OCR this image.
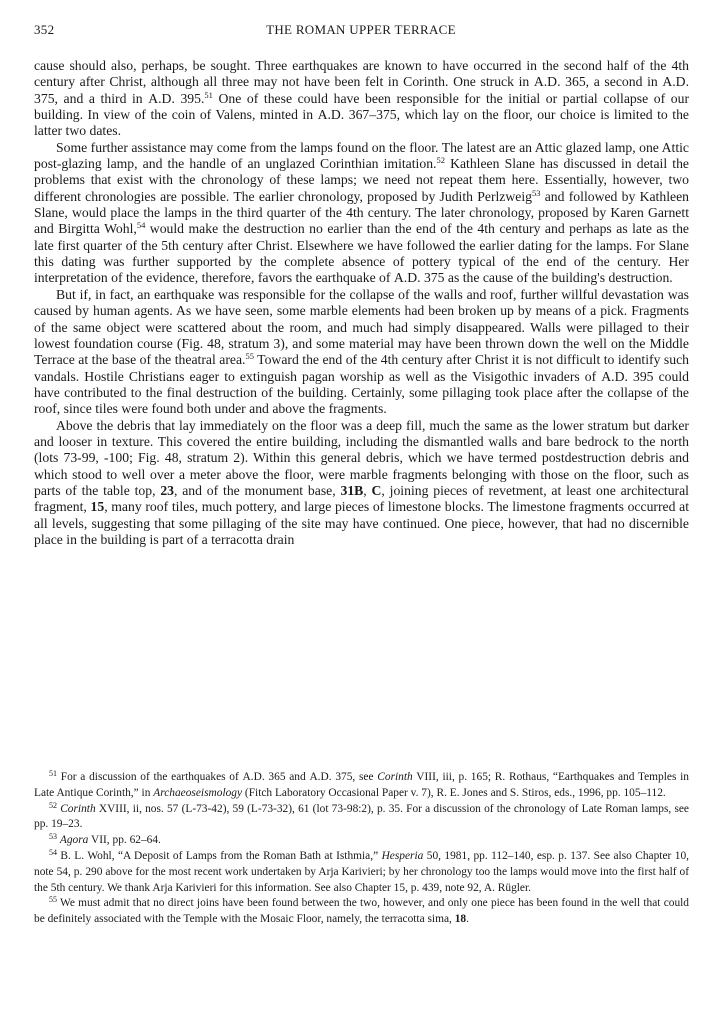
352	THE ROMAN UPPER TERRACE

cause should also, perhaps, be sought. Three earthquakes are known to have occurred in the second half of the 4th century after Christ, although all three may not have been felt in Corinth. One struck in A.D. 365, a second in A.D. 375, and a third in A.D. 395.51 One of these could have been responsible for the initial or partial collapse of our building. In view of the coin of Valens, minted in A.D. 367–375, which lay on the floor, our choice is limited to the latter two dates.

Some further assistance may come from the lamps found on the floor. The latest are an Attic glazed lamp, one Attic post-glazing lamp, and the handle of an unglazed Corinthian imitation.$^{52}$ Kathleen Slane has discussed in detail the problems that exist with the chronology of these lamps; we need not repeat them here. Essentially, however, two different chronologies are possible. The earlier chronology, proposed by Judith Perlzweig$^{53}$ and followed by Kathleen Slane, would place the lamps in the third quarter of the 4th century. The later chronology, proposed by Karen Garnett and Birgitta Wohl,$^{54}$ would make the destruction no earlier than the end of the 4th century and perhaps as late as the late first quarter of the 5th century after Christ. Elsewhere we have followed the earlier dating for the lamps. For Slane this dating was further supported by the complete absence of pottery typical of the end of the century. Her interpretation of the evidence, therefore, favors the earthquake of A.D. 375 as the cause of the building's destruction.

But if, in fact, an earthquake was responsible for the collapse of the walls and roof, further willful devastation was caused by human agents. As we have seen, some marble elements had been broken up by means of a pick. Fragments of the same object were scattered about the room, and much had simply disappeared. Walls were pillaged to their lowest foundation course (Fig. 48, stratum 3), and some material may have been thrown down the well on the Middle Terrace at the base of the theatral area.$^{55}$ Toward the end of the 4th century after Christ it is not difficult to identify such vandals. Hostile Christians eager to extinguish pagan worship as well as the Visigothic invaders of A.D. 395 could have contributed to the final destruction of the building. Certainly, some pillaging took place after the collapse of the roof, since tiles were found both under and above the fragments.

Above the debris that lay immediately on the floor was a deep fill, much the same as the lower stratum but darker and looser in texture. This covered the entire building, including the dismantled walls and bare bedrock to the north (lots 73-99, -100; Fig. 48, stratum 2). Within this general debris, which we have termed postdestruction debris and which stood to well over a meter above the floor, were marble fragments belonging with those on the floor, such as parts of the table top, 23, and of the monument base, 31B, C, joining pieces of revetment, at least one architectural fragment, 15, many roof tiles, much pottery, and large pieces of limestone blocks. The limestone fragments occurred at all levels, suggesting that some pillaging of the site may have continued. One piece, however, that had no discernible place in the building is part of a terracotta drain

$^{51}$ For a discussion of the earthquakes of A.D. 365 and A.D. 375, see Corinth VIII, iii, p. 165; R. Rothaus, “Earthquakes and Temples in Late Antique Corinth,” in Archaeoseismology (Fitch Laboratory Occasional Paper v. 7), R. E. Jones and S. Stiros, eds., 1996, pp. 105–112.

$^{52}$ Corinth XVIII, ii, nos. 57 (L-73-42), 59 (L-73-32), 61 (lot 73-98:2), p. 35. For a discussion of the chronology of Late Roman lamps, see pp. 19–23.

$^{53}$ Agora VII, pp. 62–64.

$^{54}$ B. L. Wohl, “A Deposit of Lamps from the Roman Bath at Isthmia,” Hesperia 50, 1981, pp. 112–140, esp. p. 137. See also Chapter 10, note 54, p. 290 above for the most recent work undertaken by Arja Karivieri; by her chronology too the lamps would move into the first half of the 5th century. We thank Arja Karivieri for this information. See also Chapter 15, p. 439, note 92, A. Rügler.

$^{55}$ We must admit that no direct joins have been found between the two, however, and only one piece has been found in the well that could be definitely associated with the Temple with the Mosaic Floor, namely, the terracotta sima, 18.
